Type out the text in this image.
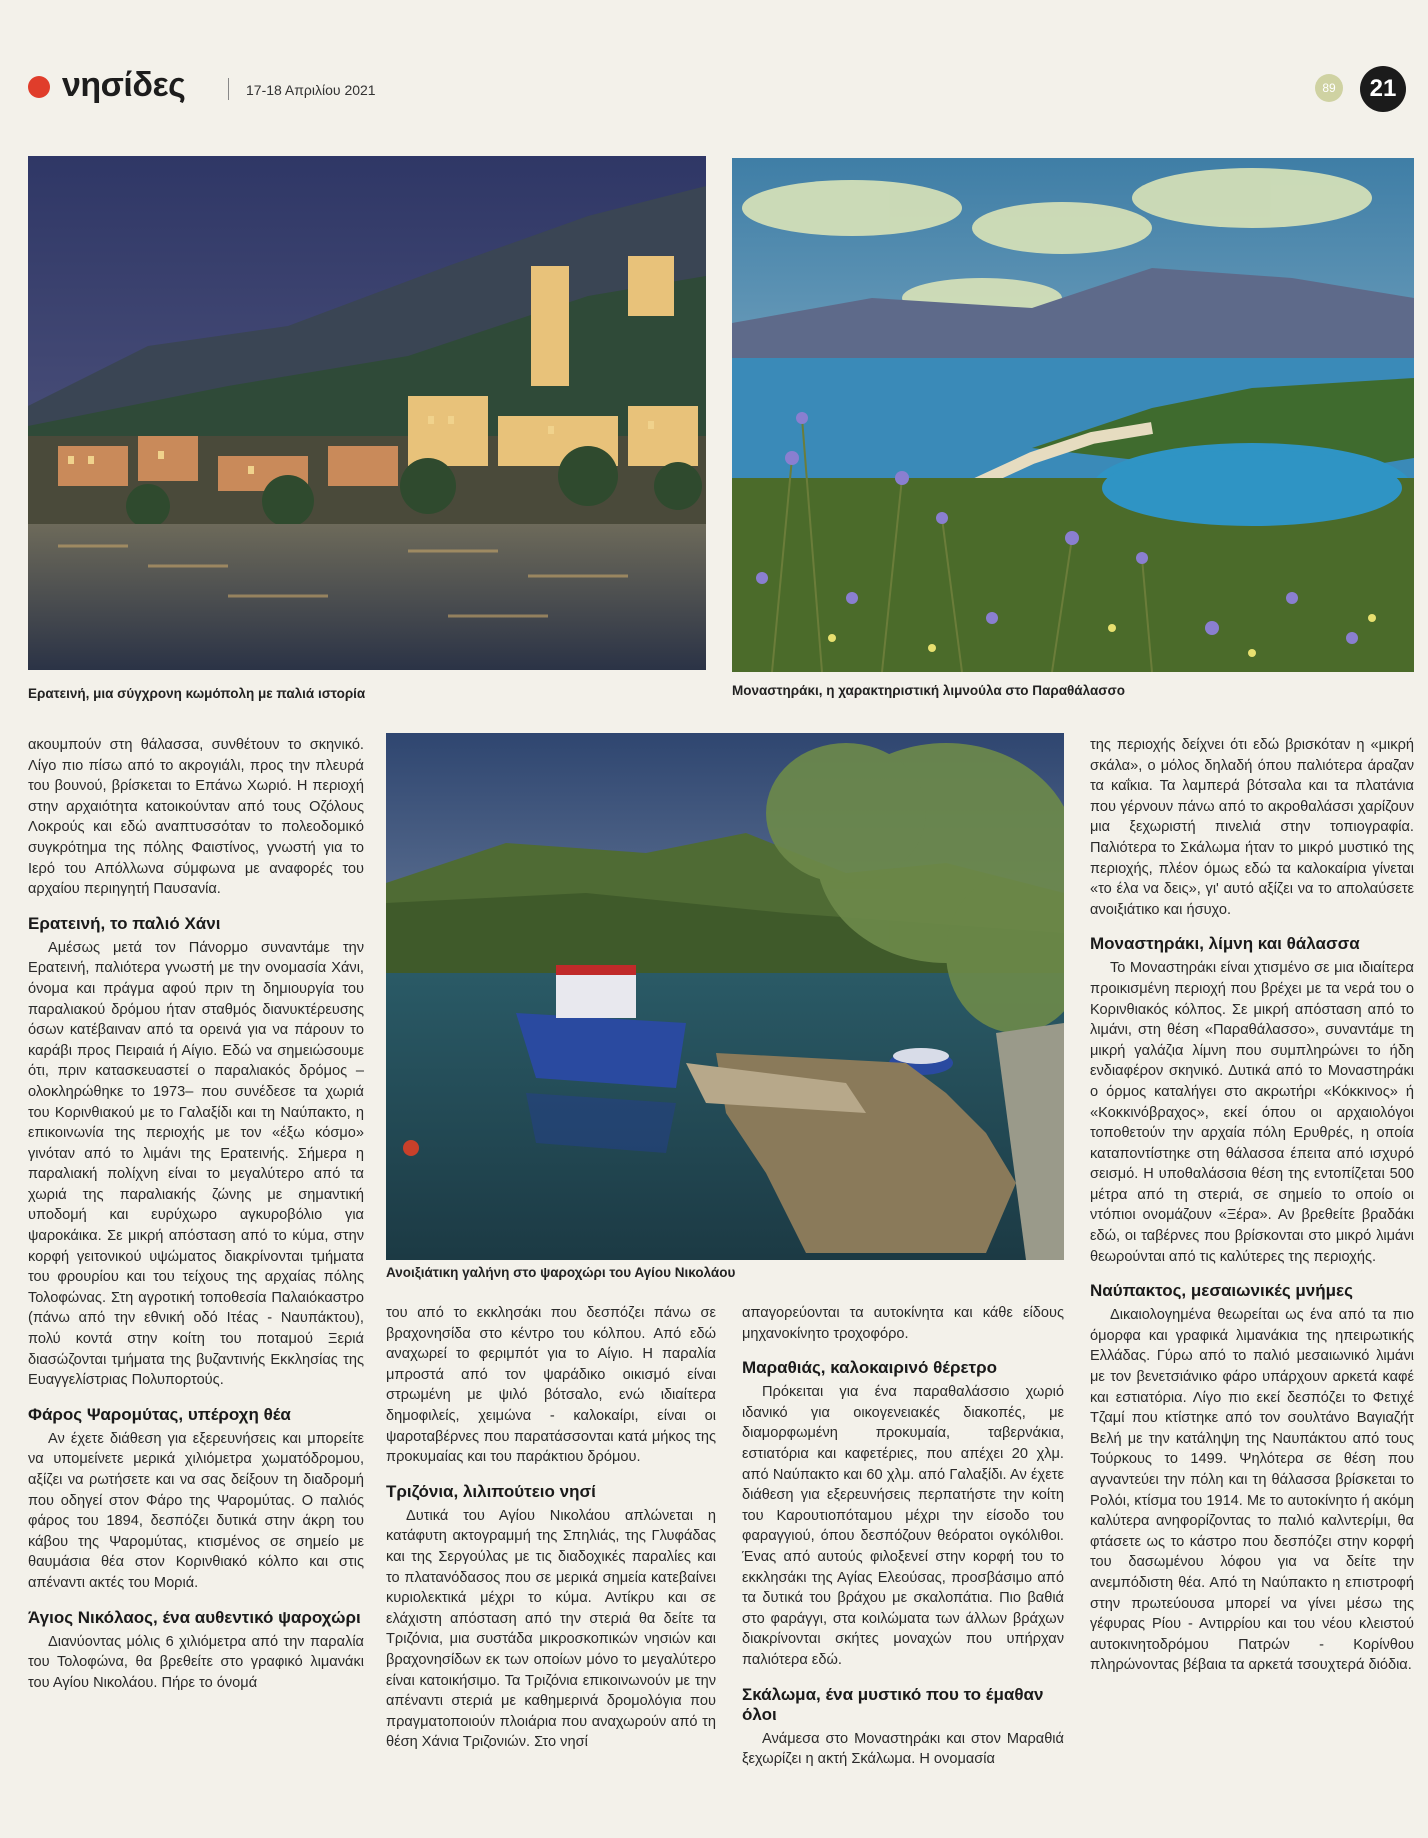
νησίδες	17-18 Απριλίου 2021	89	21
Ερατεινή, μια σύγχρονη κωμόπολη με παλιά ιστορία	Μοναστηράκι, η χαρακτηριστική λιμνούλα στο Παραθάλασσο
Ανοιξιάτικη γαλήνη στο ψαροχώρι του Αγίου Νικολάου

ακουμπούν στη θάλασσα, συνθέτουν το σκηνικό. Λίγο πιο πίσω από το ακρογιάλι, προς την πλευρά του βουνού, βρίσκεται το Επάνω Χωριό. Η περιοχή στην αρχαιότητα κατοικούνταν από τους Οζόλους Λοκρούς και εδώ αναπτυσσόταν το πολεοδομικό συγκρότημα της πόλης Φαιστίνος, γνωστή για το Ιερό του Απόλλωνα σύμφωνα με αναφορές του αρχαίου περιηγητή Παυσανία.

Ερατεινή, το παλιό Χάνι

Αμέσως μετά τον Πάνορμο συναντάμε την Ερατεινή, παλιότερα γνωστή με την ονομασία Χάνι, όνομα και πράγμα αφού πριν τη δημιουργία του παραλιακού δρόμου ήταν σταθμός διανυκτέρευσης όσων κατέβαιναν από τα ορεινά για να πάρουν το καράβι προς Πειραιά ή Αίγιο. Εδώ να σημειώσουμε ότι, πριν κατασκευαστεί ο παραλιακός δρόμος –ολοκληρώθηκε το 1973– που συνέδεσε τα χωριά του Κορινθιακού με το Γαλαξίδι και τη Ναύπακτο, η επικοινωνία της περιοχής με τον «έξω κόσμο» γινόταν από το λιμάνι της Ερατεινής. Σήμερα η παραλιακή πολίχνη είναι το μεγαλύτερο από τα χωριά της παραλιακής ζώνης με σημαντική υποδομή και ευρύχωρο αγκυροβόλιο για ψαροκάικα. Σε μικρή απόσταση από το κύμα, στην κορφή γειτονικού υψώματος διακρίνονται τμήματα του φρουρίου και του τείχους της αρχαίας πόλης Τολοφώνας. Στη αγροτική τοποθεσία Παλαιόκαστρο (πάνω από την εθνική οδό Ιτέας - Ναυπάκτου), πολύ κοντά στην κοίτη του ποταμού Ξεριά διασώζονται τμήματα της βυζαντινής Εκκλησίας της Ευαγγελίστριας Πολυπορτούς.

Φάρος Ψαρομύτας, υπέροχη θέα

Αν έχετε διάθεση για εξερευνήσεις και μπορείτε να υπομείνετε μερικά χιλιόμετρα χωματόδρομου, αξίζει να ρωτήσετε και να σας δείξουν τη διαδρομή που οδηγεί στον Φάρο της Ψαρομύτας. Ο παλιός φάρος του 1894, δεσπόζει δυτικά στην άκρη του κάβου της Ψαρομύτας, κτισμένος σε σημείο με θαυμάσια θέα στον Κορινθιακό κόλπο και στις απέναντι ακτές του Μοριά.

Άγιος Νικόλαος, ένα αυθεντικό ψαροχώρι

Διανύοντας μόλις 6 χιλιόμετρα από την παραλία του Τολοφώνα, θα βρεθείτε στο γραφικό λιμανάκι του Αγίου Νικολάου. Πήρε το όνομά

του από το εκκλησάκι που δεσπόζει πάνω σε βραχονησίδα στο κέντρο του κόλπου. Από εδώ αναχωρεί το φεριμπότ για το Αίγιο. Η παραλία μπροστά από τον ψαράδικο οικισμό είναι στρωμένη με ψιλό βότσαλο, ενώ ιδιαίτερα δημοφιλείς, χειμώνα - καλοκαίρι, είναι οι ψαροταβέρνες που παρατάσσονται κατά μήκος της προκυμαίας και του παράκτιου δρόμου.

Τριζόνια, λιλιπούτειο νησί

Δυτικά του Αγίου Νικολάου απλώνεται η κατάφυτη ακτογραμμή της Σπηλιάς, της Γλυφάδας και της Σεργούλας με τις διαδοχικές παραλίες και το πλατανόδασος που σε μερικά σημεία κατεβαίνει κυριολεκτικά μέχρι το κύμα. Αντίκρυ και σε ελάχιστη απόσταση από την στεριά θα δείτε τα Τριζόνια, μια συστάδα μικροσκοπικών νησιών και βραχονησίδων εκ των οποίων μόνο το μεγαλύτερο είναι κατοικήσιμο. Τα Τριζόνια επικοινωνούν με την απέναντι στεριά με καθημερινά δρομολόγια που πραγματοποιούν πλοιάρια που αναχωρούν από τη θέση Χάνια Τριζονιών. Στο νησί

απαγορεύονται τα αυτοκίνητα και κάθε είδους μηχανοκίνητο τροχοφόρο.

Μαραθιάς, καλοκαιρινό θέρετρο

Πρόκειται για ένα παραθαλάσσιο χωριό ιδανικό για οικογενειακές διακοπές, με διαμορφωμένη προκυμαία, ταβερνάκια, εστιατόρια και καφετέριες, που απέχει 20 χλμ. από Ναύπακτο και 60 χλμ. από Γαλαξίδι. Αν έχετε διάθεση για εξερευνήσεις περπατήστε την κοίτη του Καρουτιοπόταμου μέχρι την είσοδο του φαραγγιού, όπου δεσπόζουν θεόρατοι ογκόλιθοι. Ένας από αυτούς φιλοξενεί στην κορφή του το εκκλησάκι της Αγίας Ελεούσας, προσβάσιμο από τα δυτικά του βράχου με σκαλοπάτια. Πιο βαθιά στο φαράγγι, στα κοιλώματα των άλλων βράχων διακρίνονται σκήτες μοναχών που υπήρχαν παλιότερα εδώ.

Σκάλωμα, ένα μυστικό που το έμαθαν όλοι

Ανάμεσα στο Μοναστηράκι και στον Μαραθιά ξεχωρίζει η ακτή Σκάλωμα. Η ονομασία

της περιοχής δείχνει ότι εδώ βρισκόταν η «μικρή σκάλα», ο μόλος δηλαδή όπου παλιότερα άραζαν τα καΐκια. Τα λαμπερά βότσαλα και τα πλατάνια που γέρνουν πάνω από το ακροθαλάσσι χαρίζουν μια ξεχωριστή πινελιά στην τοπιογραφία. Παλιότερα το Σκάλωμα ήταν το μικρό μυστικό της περιοχής, πλέον όμως εδώ τα καλοκαίρια γίνεται «το έλα να δεις», γι' αυτό αξίζει να το απολαύσετε ανοιξιάτικο και ήσυχο.

Μοναστηράκι, λίμνη και θάλασσα

Το Μοναστηράκι είναι χτισμένο σε μια ιδιαίτερα προικισμένη περιοχή που βρέχει με τα νερά του ο Κορινθιακός κόλπος. Σε μικρή απόσταση από το λιμάνι, στη θέση «Παραθάλασσο», συναντάμε τη μικρή γαλάζια λίμνη που συμπληρώνει το ήδη ενδιαφέρον σκηνικό. Δυτικά από το Μοναστηράκι ο όρμος καταλήγει στο ακρωτήρι «Κόκκινος» ή «Κοκκινόβραχος», εκεί όπου οι αρχαιολόγοι τοποθετούν την αρχαία πόλη Ερυθρές, η οποία καταποντίστηκε στη θάλασσα έπειτα από ισχυρό σεισμό. Η υποθαλάσσια θέση της εντοπίζεται 500 μέτρα από τη στεριά, σε σημείο το οποίο οι ντόπιοι ονομάζουν «Ξέρα». Αν βρεθείτε βραδάκι εδώ, οι ταβέρνες που βρίσκονται στο μικρό λιμάνι θεωρούνται από τις καλύτερες της περιοχής.

Ναύπακτος, μεσαιωνικές μνήμες

Δικαιολογημένα θεωρείται ως ένα από τα πιο όμορφα και γραφικά λιμανάκια της ηπειρωτικής Ελλάδας. Γύρω από το παλιό μεσαιωνικό λιμάνι με τον βενετσιάνικο φάρο υπάρχουν αρκετά καφέ και εστιατόρια. Λίγο πιο εκεί δεσπόζει το Φετιχέ Τζαμί που κτίστηκε από τον σουλτάνο Βαγιαζήτ Βελή με την κατάληψη της Ναυπάκτου από τους Τούρκους το 1499. Ψηλότερα σε θέση που αγναντεύει την πόλη και τη θάλασσα βρίσκεται το Ρολόι, κτίσμα του 1914. Με το αυτοκίνητο ή ακόμη καλύτερα ανηφορίζοντας το παλιό καλντερίμι, θα φτάσετε ως το κάστρο που δεσπόζει στην κορφή του δασωμένου λόφου για να δείτε την ανεμπόδιστη θέα. Από τη Ναύπακτο η επιστροφή στην πρωτεύουσα μπορεί να γίνει μέσω της γέφυρας Ρίου - Αντιρρίου και του νέου κλειστού αυτοκινητοδρόμου Πατρών - Κορίνθου πληρώνοντας βέβαια τα αρκετά τσουχτερά διόδια.
